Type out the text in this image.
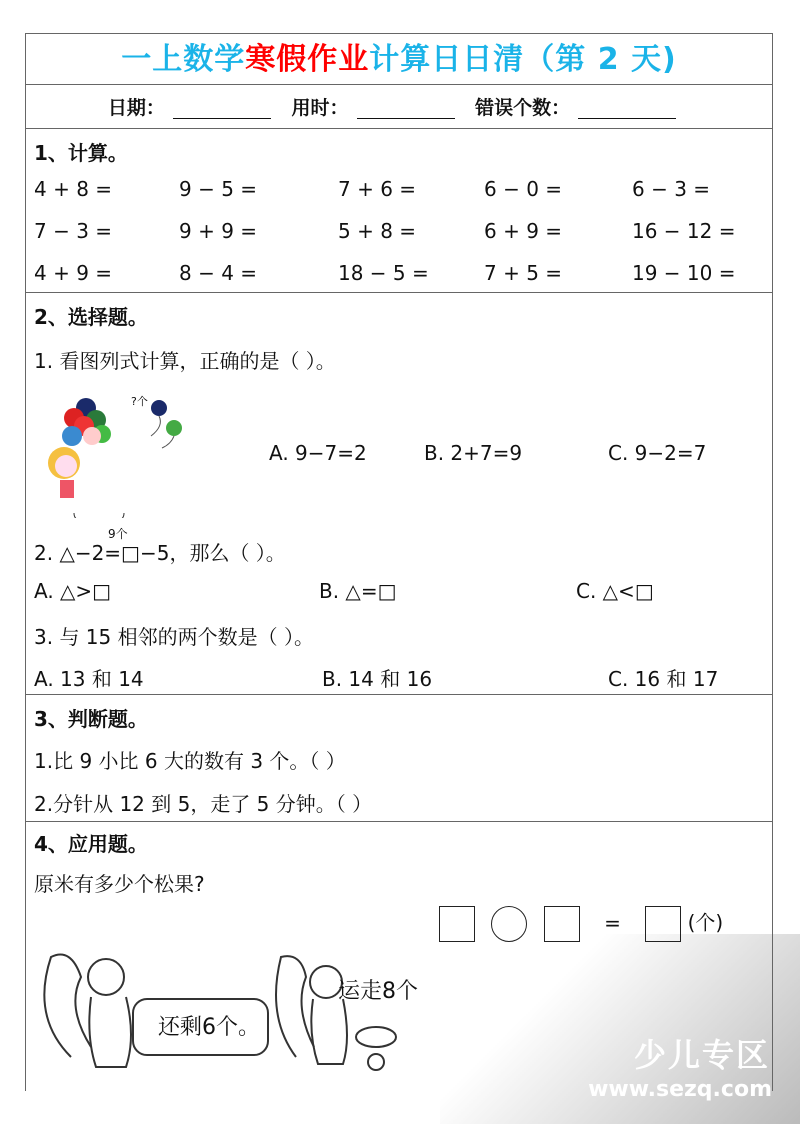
一上数学寒假作业计算日日清（第 2 天)
日期：	用时：	错误个数：
1、计算。
4 + 8 =	9 − 5 =	7 + 6 =	6 − 0 =	6 − 3 =
7 − 3 =	9 + 9 =	5 + 8 =	6 + 9 =	16 − 12 =
4 + 9 =	8 − 4 =	18 − 5 =	7 + 5 =	19 − 10 =
2、选择题。
1. 看图列式计算，正确的是（ ）。
?个
9个
A. 9−7=2	B. 2+7=9	C. 9−2=7
2. △−2=□−5，那么（ ）。
A. △>□	B. △=□	C. △<□
3. 与 15 相邻的两个数是（ ）。
A. 13 和 14	B. 14 和 16	C. 16 和 17
3、判断题。
1.比 9 小比 6 大的数有 3 个。（ ）
2.分针从 12 到 5，走了 5 分钟。（ ）
4、应用题。
原米有多少个松果?
=	(个)
还剩6个。
运走8个
少儿专区
www.sezq.com
